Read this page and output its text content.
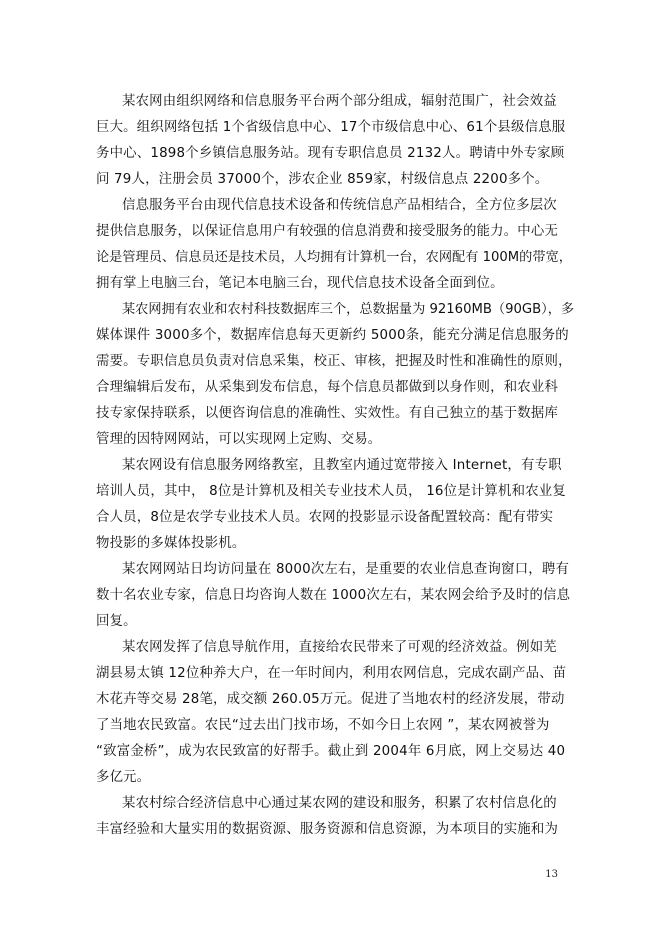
某农网由组织网络和信息服务平台两个部分组成，辐射范围广，社会效益
巨大。组织网络包括 1个省级信息中心、17个市级信息中心、61个县级信息服
务中心、1898个乡镇信息服务站。现有专职信息员 2132人。聘请中外专家顾
问 79人，注册会员 37000个，涉农企业 859家，村级信息点 2200多个。
信息服务平台由现代信息技术设备和传统信息产品相结合，全方位多层次
提供信息服务，以保证信息用户有较强的信息消费和接受服务的能力。中心无
论是管理员、信息员还是技术员，人均拥有计算机一台，农网配有 100M的带宽，
拥有掌上电脑三台，笔记本电脑三台，现代信息技术设备全面到位。
某农网拥有农业和农村科技数据库三个，总数据量为 92160MB（90GB），多
媒体课件 3000多个，数据库信息每天更新约 5000条，能充分满足信息服务的
需要。专职信息员负责对信息采集，校正、审核，把握及时性和准确性的原则，
合理编辑后发布，从采集到发布信息，每个信息员都做到以身作则，和农业科
技专家保持联系，以便咨询信息的准确性、实效性。有自己独立的基于数据库
管理的因特网网站，可以实现网上定购、交易。
某农网设有信息服务网络教室，且教室内通过宽带接入 Internet，有专职
培训人员，其中， 8位是计算机及相关专业技术人员， 16位是计算机和农业复
合人员，8位是农学专业技术人员。农网的投影显示设备配置较高：配有带实
物投影的多媒体投影机。
某农网网站日均访问量在 8000次左右，是重要的农业信息查询窗口，聘有
数十名农业专家，信息日均咨询人数在 1000次左右，某农网会给予及时的信息
回复。
某农网发挥了信息导航作用，直接给农民带来了可观的经济效益。例如芜
湖县易太镇 12位种养大户，在一年时间内，利用农网信息，完成农副产品、苗
木花卉等交易 28笔，成交额 260.05万元。促进了当地农村的经济发展，带动
了当地农民致富。农民“过去出门找市场，不如今日上农网 ”，某农网被誉为
“致富金桥”，成为农民致富的好帮手。截止到 2004年 6月底，网上交易达 40
多亿元。
某农村综合经济信息中心通过某农网的建设和服务，积累了农村信息化的
丰富经验和大量实用的数据资源、服务资源和信息资源，为本项目的实施和为
13
